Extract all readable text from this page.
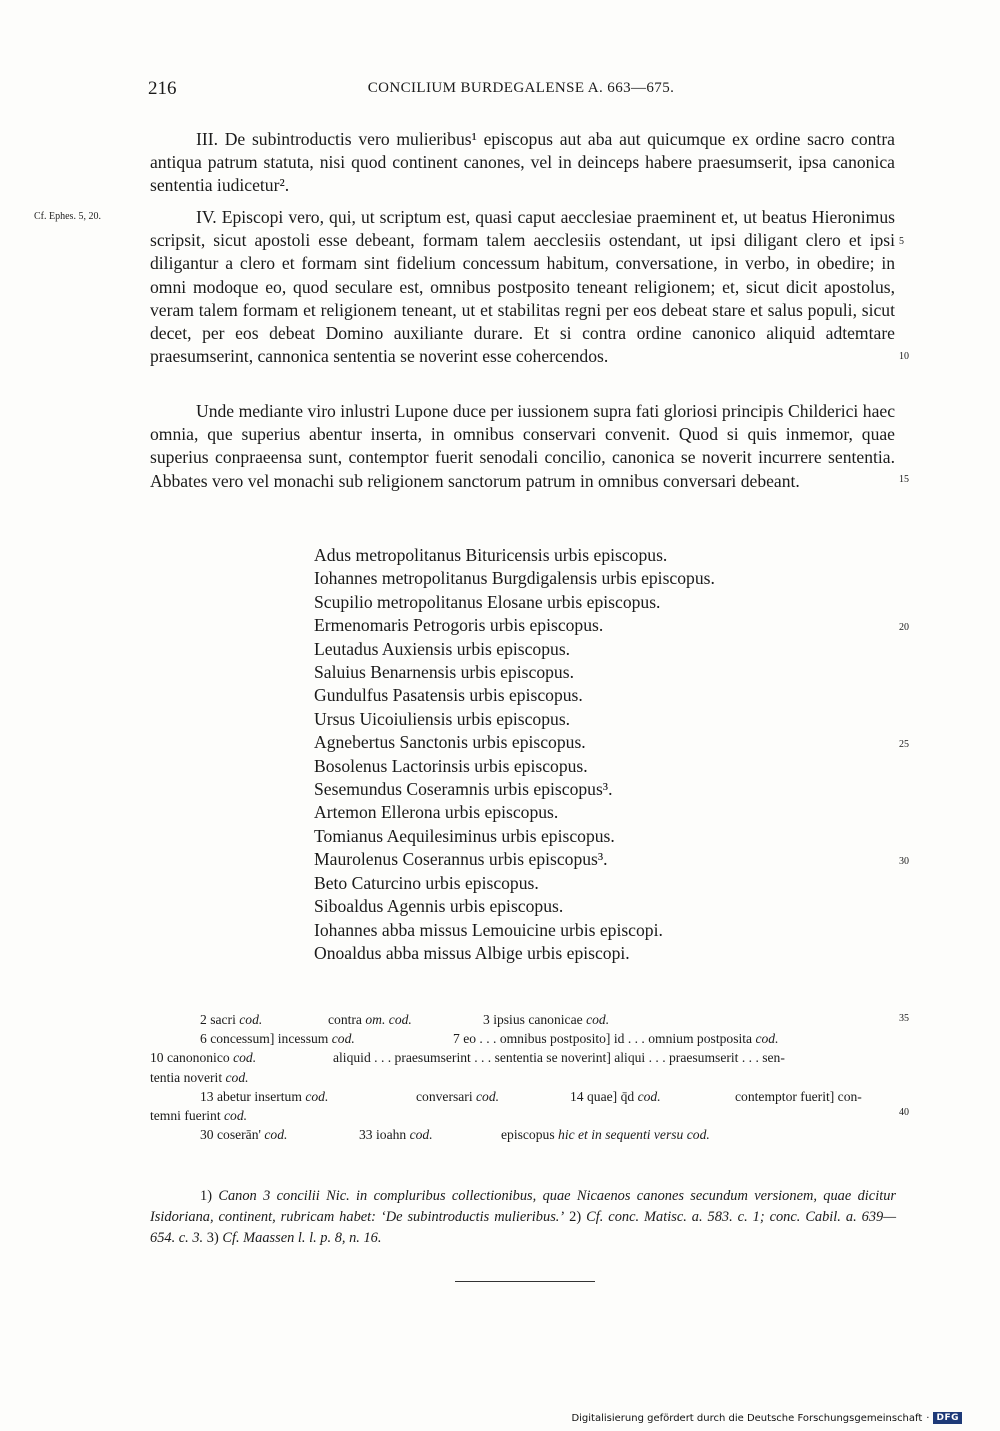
216	CONCILIUM BURDEGALENSE A. 663—675.

III. De subintroductis vero mulieribus¹ episcopus aut aba aut quicumque ex ordine sacro contra antiqua patrum statuta, nisi quod continent canones, vel in deinceps habere praesumserit, ipsa canonica sententia iudicetur².

Cf. Ephes. 5, 20.	IV. Episcopi vero, qui, ut scriptum est, quasi caput aecclesiae praeminent et, ut beatus Hieronimus scripsit, sicut apostoli esse debeant, formam talem aecclesiis ostendant, ut ipsi diligant clero et ipsi diligantur a clero et formam sint fidelium concessum habitum, conversatione, in verbo, in obedire; in omni modoque eo, quod seculare est, omnibus postposito teneant religionem; et, sicut dicit apostolus, veram talem formam et religionem teneant, ut et stabilitas regni per eos debeat stare et salus populi, sicut decet, per eos debeat Domino auxiliante durare. Et si contra ordine canonico aliquid adtemtare praesumserint, cannonica sententia se noverint esse cohercendos.

Unde mediante viro inlustri Lupone duce per iussionem supra fati gloriosi principis Childerici haec omnia, que superius abentur inserta, in omnibus conservari convenit. Quod si quis inmemor, quae superius conpraeensa sunt, contemptor fuerit senodali concilio, canonica se noverit incurrere sententia. Abbates vero vel monachi sub religionem sanctorum patrum in omnibus conversari debeant.

5
10
15
20
25
30
35
40
Adus metropolitanus Bituricensis urbis episcopus.
Iohannes metropolitanus Burgdigalensis urbis episcopus.
Scupilio metropolitanus Elosane urbis episcopus.
Ermenomaris Petrogoris urbis episcopus.
Leutadus Auxiensis urbis episcopus.
Saluius Benarnensis urbis episcopus.
Gundulfus Pasatensis urbis episcopus.
Ursus Uicoiuliensis urbis episcopus.
Agnebertus Sanctonis urbis episcopus.
Bosolenus Lactorinsis urbis episcopus.
Sesemundus Coseramnis urbis episcopus³.
Artemon Ellerona urbis episcopus.
Tomianus Aequilesiminus urbis episcopus.
Maurolenus Coserannus urbis episcopus³.
Beto Caturcino urbis episcopus.
Siboaldus Agennis urbis episcopus.
Iohannes abba missus Lemouicine urbis episcopi.
Onoaldus abba missus Albige urbis episcopi.
2 sacri cod.	contra om. cod.	3 ipsius canonicae cod.
6 concessum] incessum cod.	7 eo . . . omnibus postposito] id . . . omnium postposita cod.
10 canononico cod.	aliquid . . . praesumserint . . . sententia se noverint] aliqui . . . praesumserit . . . sen-
tentia noverit cod.
13 abetur insertum cod.	conversari cod.	14 quae] q̄d cod.	contemptor fuerit] con-
temni fuerint cod.
30 coserān' cod.	33 ioahn cod.	episcopus hic et in sequenti versu cod.

1) Canon 3 concilii Nic. in compluribus collectionibus, quae Nicaenos canones secundum versionem, quae dicitur Isidoriana, continent, rubricam habet: ‘De subintroductis mulieribus.’ 2) Cf. conc. Matisc. a. 583. c. 1; conc. Cabil. a. 639—654. c. 3. 3) Cf. Maassen l. l. p. 8, n. 16.

Digitalisierung gefördert durch die Deutsche Forschungsgemeinschaft · DFG
